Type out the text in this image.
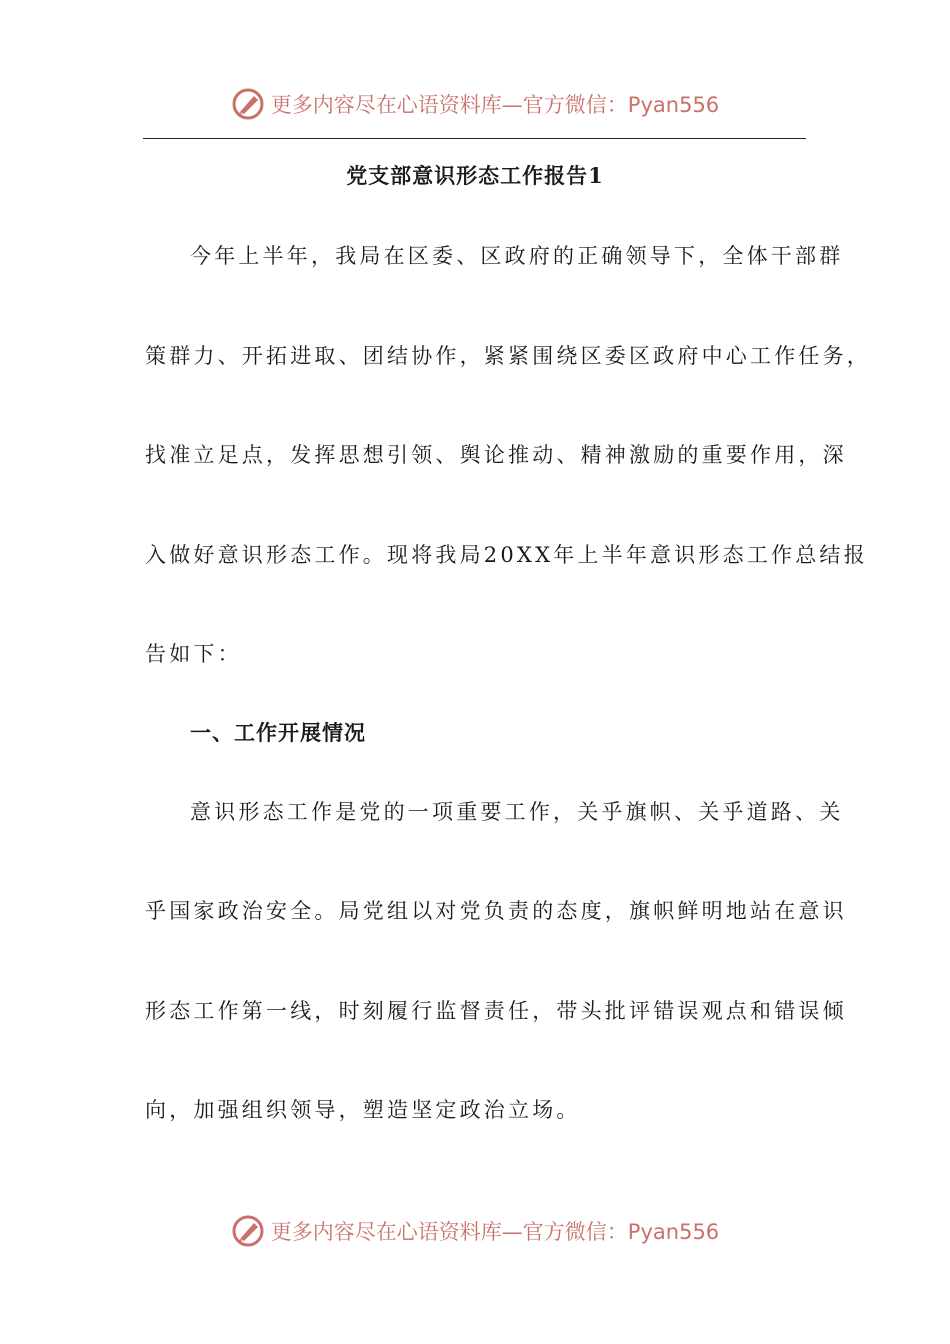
更多内容尽在心语资料库—官方微信：Pyan556
党支部意识形态工作报告1
今年上半年，我局在区委、区政府的正确领导下，全体干部群
策群力、开拓进取、团结协作，紧紧围绕区委区政府中心工作任务，
找准立足点，发挥思想引领、舆论推动、精神激励的重要作用，深
入做好意识形态工作。现将我局20XX年上半年意识形态工作总结报
告如下：
一、工作开展情况
意识形态工作是党的一项重要工作，关乎旗帜、关乎道路、关
乎国家政治安全。局党组以对党负责的态度，旗帜鲜明地站在意识
形态工作第一线，时刻履行监督责任，带头批评错误观点和错误倾
向，加强组织领导，塑造坚定政治立场。
更多内容尽在心语资料库—官方微信：Pyan556
